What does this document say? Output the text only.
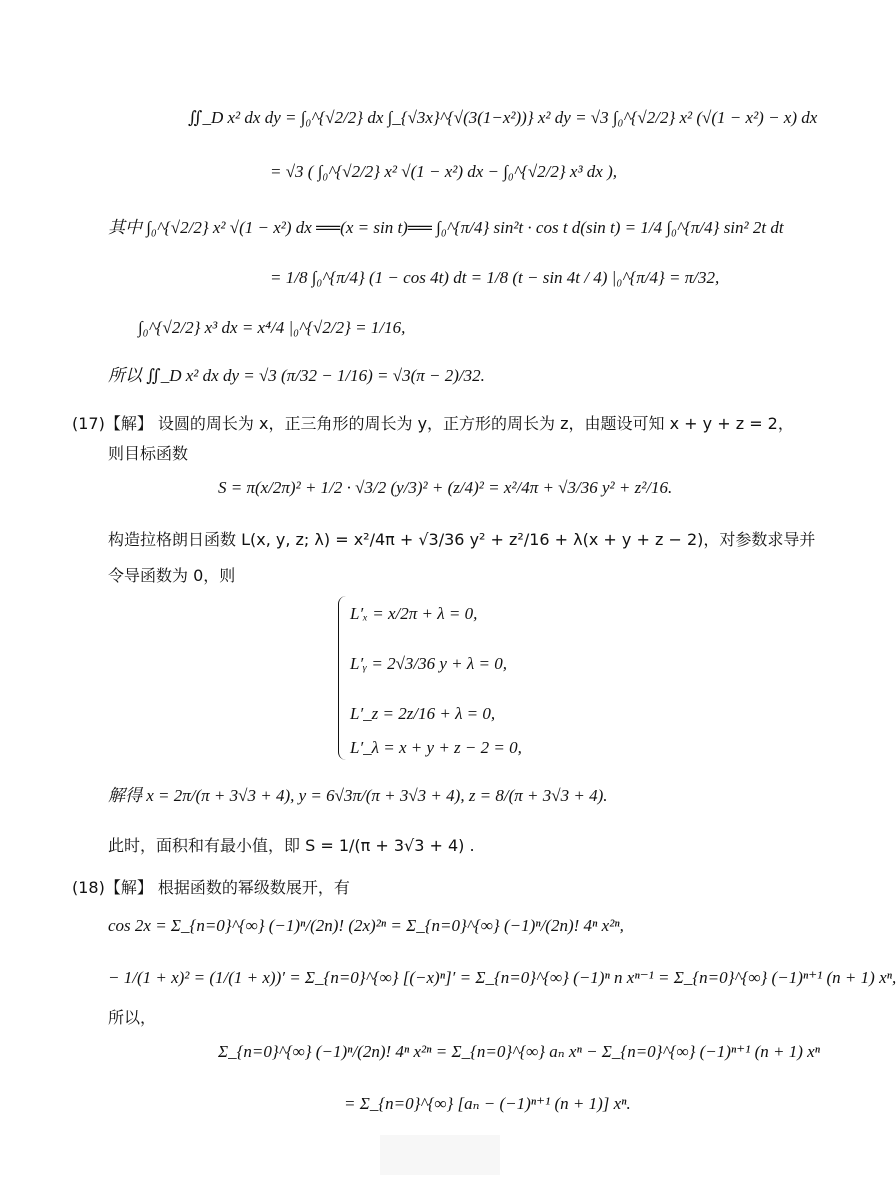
∬_D x² dx dy = ∫₀^{√2/2} dx ∫_{√3x}^{√(3(1−x²))} x² dy = √3 ∫₀^{√2/2} x² (√(1 − x²) − x) dx
= √3 ( ∫₀^{√2/2} x² √(1 − x²) dx − ∫₀^{√2/2} x³ dx ),
其中 ∫₀^{√2/2} x² √(1 − x²) dx ══(x = sin t)══ ∫₀^{π/4} sin²t · cos t d(sin t) = 1/4 ∫₀^{π/4} sin² 2t dt
= 1/8 ∫₀^{π/4} (1 − cos 4t) dt = 1/8 (t − sin 4t / 4) |₀^{π/4} = π/32,
∫₀^{√2/2} x³ dx = x⁴/4 |₀^{√2/2} = 1/16,
所以 ∬_D x² dx dy = √3 (π/32 − 1/16) = √3(π − 2)/32.
(17)【解】 设圆的周长为 x，正三角形的周长为 y，正方形的周长为 z，由题设可知 x + y + z = 2，
则目标函数
S = π(x/2π)² + 1/2 · √3/2 (y/3)² + (z/4)² = x²/4π + √3/36 y² + z²/16.
构造拉格朗日函数 L(x, y, z; λ) = x²/4π + √3/36 y² + z²/16 + λ(x + y + z − 2)，对参数求导并
令导函数为 0，则
L′ₓ = x/2π + λ = 0,
L′ᵧ = 2√3/36 y + λ = 0,
L′_z = 2z/16 + λ = 0,
L′_λ = x + y + z − 2 = 0,
解得 x = 2π/(π + 3√3 + 4), y = 6√3π/(π + 3√3 + 4), z = 8/(π + 3√3 + 4).
此时，面积和有最小值，即 S = 1/(π + 3√3 + 4) .
(18)【解】 根据函数的幂级数展开，有
cos 2x = Σ_{n=0}^{∞} (−1)ⁿ/(2n)! (2x)²ⁿ = Σ_{n=0}^{∞} (−1)ⁿ/(2n)! 4ⁿ x²ⁿ,
− 1/(1 + x)² = (1/(1 + x))′ = Σ_{n=0}^{∞} [(−x)ⁿ]′ = Σ_{n=0}^{∞} (−1)ⁿ n xⁿ⁻¹ = Σ_{n=0}^{∞} (−1)ⁿ⁺¹ (n + 1) xⁿ,
所以，
Σ_{n=0}^{∞} (−1)ⁿ/(2n)! 4ⁿ x²ⁿ = Σ_{n=0}^{∞} aₙ xⁿ − Σ_{n=0}^{∞} (−1)ⁿ⁺¹ (n + 1) xⁿ
= Σ_{n=0}^{∞} [aₙ − (−1)ⁿ⁺¹ (n + 1)] xⁿ.
